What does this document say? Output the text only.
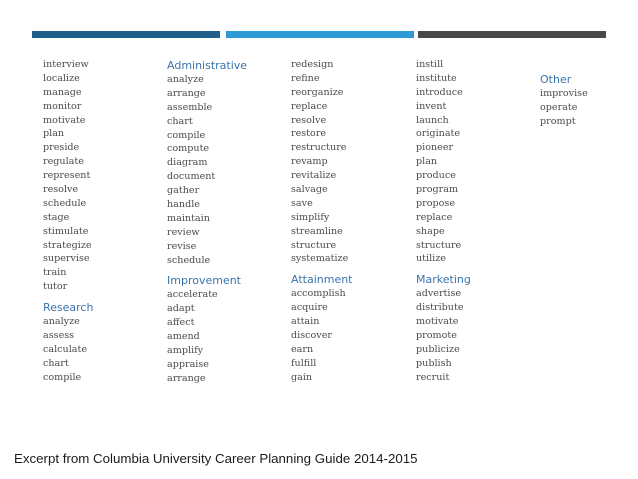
interview
localize
manage
monitor
motivate
plan
preside
regulate
represent
resolve
schedule
stage
stimulate
strategize
supervise
train
tutor
Research
analyze
assess
calculate
chart
compile
Administrative
analyze
arrange
assemble
chart
compile
compute
diagram
document
gather
handle
maintain
review
revise
schedule
Improvement
accelerate
adapt
affect
amend
amplify
appraise
arrange
redesign
refine
reorganize
replace
resolve
restore
restructure
revamp
revitalize
salvage
save
simplify
streamline
structure
systematize
Attainment
accomplish
acquire
attain
discover
earn
fulfill
gain
instill
institute
introduce
invent
launch
originate
pioneer
plan
produce
program
propose
replace
shape
structure
utilize
Marketing
advertise
distribute
motivate
promote
publicize
publish
recruit
Other
improvise
operate
prompt
Excerpt from Columbia University Career Planning Guide 2014-2015
